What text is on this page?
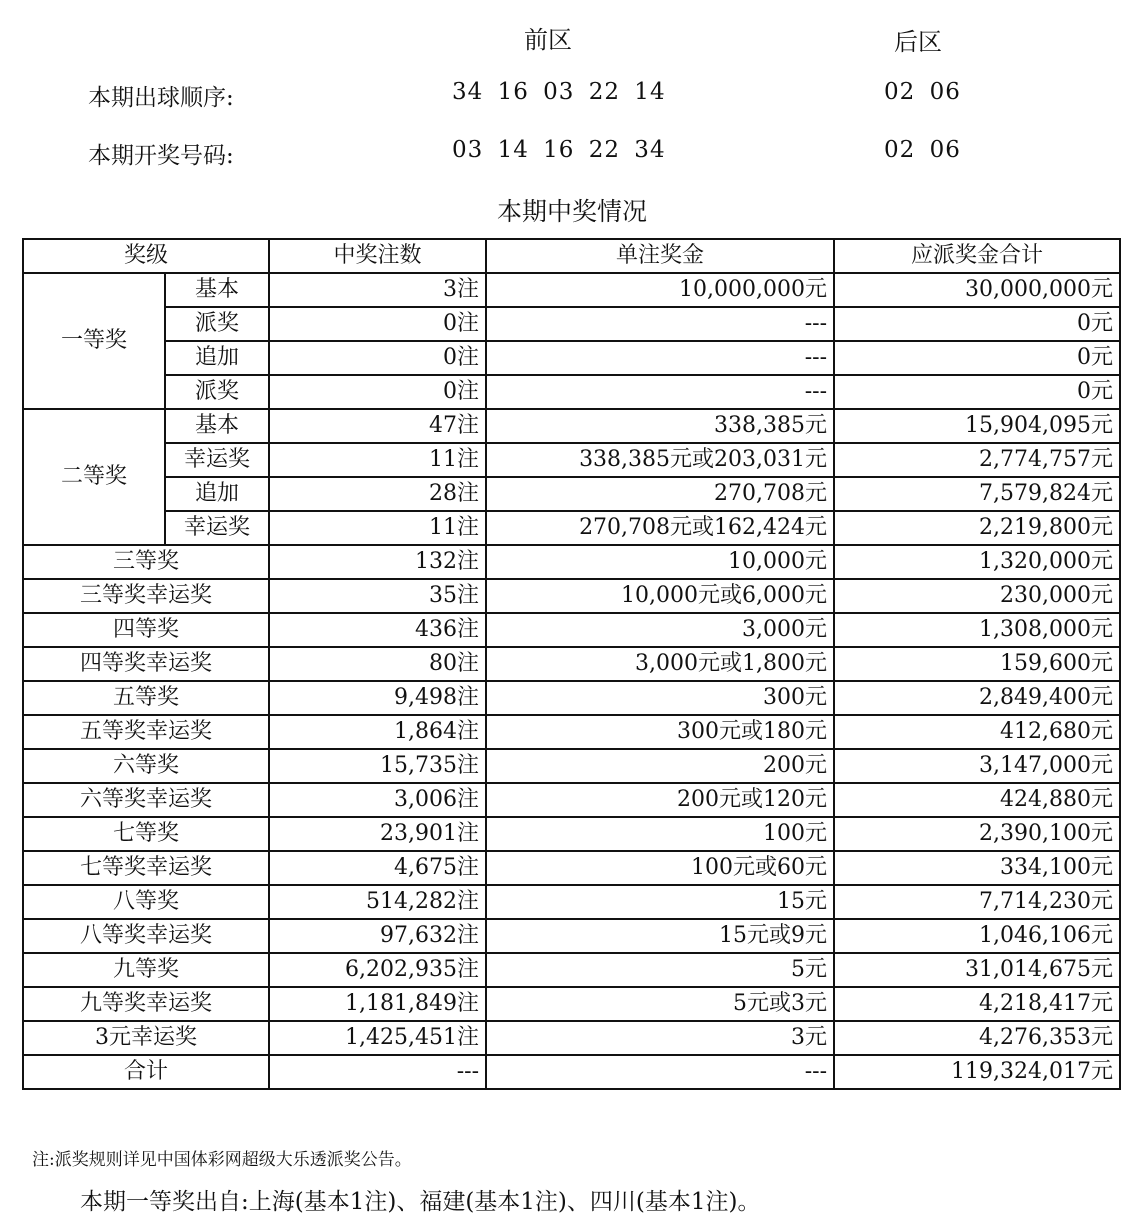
前区	后区
本期出球顺序:	34 16 03 22 14	02 06
本期开奖号码:	03 14 16 22 34	02 06
本期中奖情况
奖级		中奖注数	单注奖金	应派奖金合计
一等奖	基本	3注	10,000,000元	30,000,000元
	派奖	0注	---	0元
	追加	0注	---	0元
	派奖	0注	---	0元
二等奖	基本	47注	338,385元	15,904,095元
	幸运奖	11注	338,385元或203,031元	2,774,757元
	追加	28注	270,708元	7,579,824元
	幸运奖	11注	270,708元或162,424元	2,219,800元
三等奖		132注	10,000元	1,320,000元
三等奖幸运奖		35注	10,000元或6,000元	230,000元
四等奖		436注	3,000元	1,308,000元
四等奖幸运奖		80注	3,000元或1,800元	159,600元
五等奖		9,498注	300元	2,849,400元
五等奖幸运奖		1,864注	300元或180元	412,680元
六等奖		15,735注	200元	3,147,000元
六等奖幸运奖		3,006注	200元或120元	424,880元
七等奖		23,901注	100元	2,390,100元
七等奖幸运奖		4,675注	100元或60元	334,100元
八等奖		514,282注	15元	7,714,230元
八等奖幸运奖		97,632注	15元或9元	1,046,106元
九等奖		6,202,935注	5元	31,014,675元
九等奖幸运奖		1,181,849注	5元或3元	4,218,417元
3元幸运奖		1,425,451注	3元	4,276,353元
合计		---	---	119,324,017元
注:派奖规则详见中国体彩网超级大乐透派奖公告。
本期一等奖出自:上海(基本1注)、福建(基本1注)、四川(基本1注)。
